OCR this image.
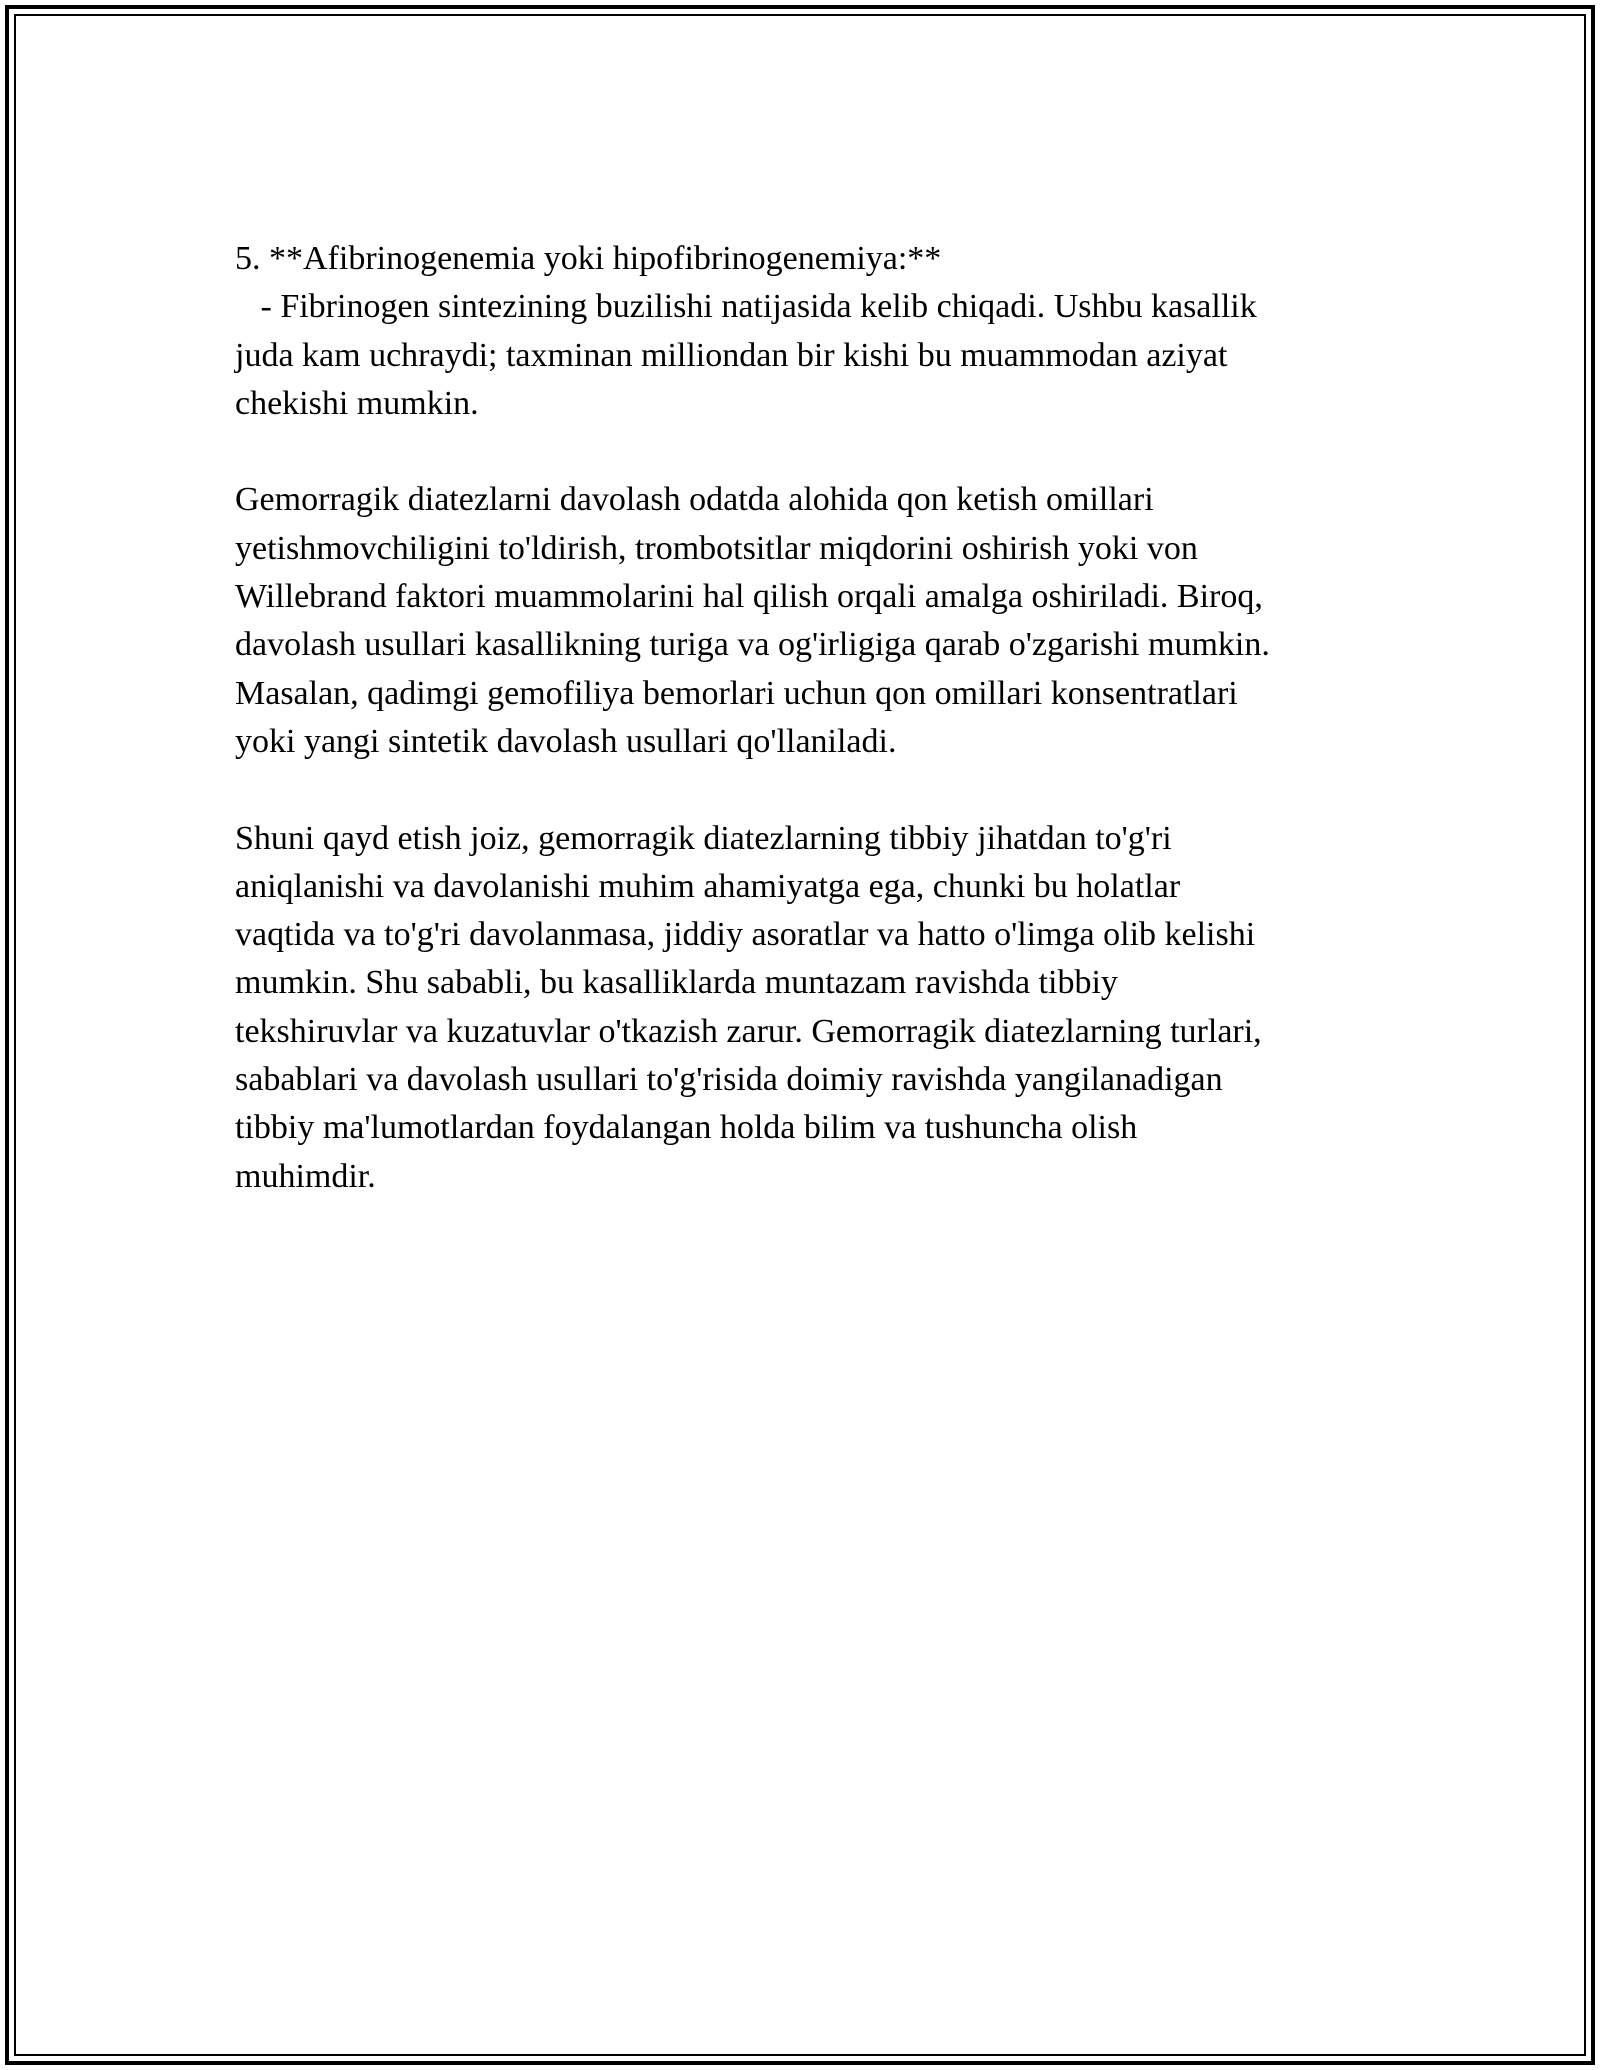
5. **Afibrinogenemia yoki hipofibrinogenemiya:**
- Fibrinogen sintezining buzilishi natijasida kelib chiqadi. Ushbu kasallik
juda kam uchraydi; taxminan milliondan bir kishi bu muammodan aziyat
chekishi mumkin.
Gemorragik diatezlarni davolash odatda alohida qon ketish omillari
yetishmovchiligini to'ldirish, trombotsitlar miqdorini oshirish yoki von
Willebrand faktori muammolarini hal qilish orqali amalga oshiriladi. Biroq,
davolash usullari kasallikning turiga va og'irligiga qarab o'zgarishi mumkin.
Masalan, qadimgi gemofiliya bemorlari uchun qon omillari konsentratlari
yoki yangi sintetik davolash usullari qo'llaniladi.
Shuni qayd etish joiz, gemorragik diatezlarning tibbiy jihatdan to'g'ri
aniqlanishi va davolanishi muhim ahamiyatga ega, chunki bu holatlar
vaqtida va to'g'ri davolanmasa, jiddiy asoratlar va hatto o'limga olib kelishi
mumkin. Shu sababli, bu kasalliklarda muntazam ravishda tibbiy
tekshiruvlar va kuzatuvlar o'tkazish zarur. Gemorragik diatezlarning turlari,
sabablari va davolash usullari to'g'risida doimiy ravishda yangilanadigan
tibbiy ma'lumotlardan foydalangan holda bilim va tushuncha olish
muhimdir.
